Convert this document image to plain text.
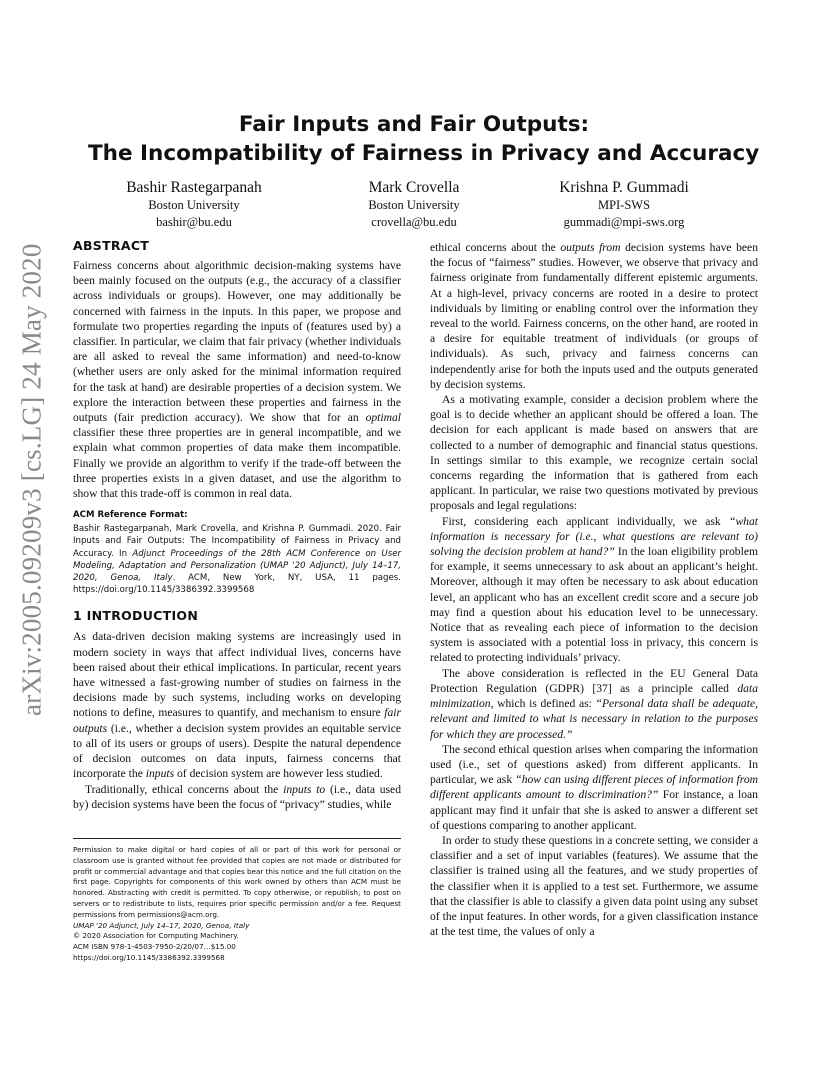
arXiv:2005.09209v3 [cs.LG] 24 May 2020
Fair Inputs and Fair Outputs:
The Incompatibility of Fairness in Privacy and Accuracy
Bashir Rastegarpanah
Boston University
bashir@bu.edu
Mark Crovella
Boston University
crovella@bu.edu
Krishna P. Gummadi
MPI-SWS
gummadi@mpi-sws.org
ABSTRACT

Fairness concerns about algorithmic decision-making systems have been mainly focused on the outputs (e.g., the accuracy of a classifier across individuals or groups). However, one may additionally be concerned with fairness in the inputs. In this paper, we propose and formulate two properties regarding the inputs of (features used by) a classifier. In particular, we claim that fair privacy (whether individuals are all asked to reveal the same information) and need-to-know (whether users are only asked for the minimal information required for the task at hand) are desirable properties of a decision system. We explore the interaction between these properties and fairness in the outputs (fair prediction accuracy). We show that for an optimal classifier these three properties are in general incompatible, and we explain what common properties of data make them incompatible. Finally we provide an algorithm to verify if the trade-off between the three properties exists in a given dataset, and use the algorithm to show that this trade-off is common in real data.

ACM Reference Format:
Bashir Rastegarpanah, Mark Crovella, and Krishna P. Gummadi. 2020. Fair Inputs and Fair Outputs: The Incompatibility of Fairness in Privacy and Accuracy. In Adjunct Proceedings of the 28th ACM Conference on User Modeling, Adaptation and Personalization (UMAP '20 Adjunct), July 14–17, 2020, Genoa, Italy. ACM, New York, NY, USA, 11 pages. https://doi.org/10.1145/3386392.3399568
1 INTRODUCTION

As data-driven decision making systems are increasingly used in modern society in ways that affect individual lives, concerns have been raised about their ethical implications. In particular, recent years have witnessed a fast-growing number of studies on fairness in the decisions made by such systems, including works on developing notions to define, measures to quantify, and mechanism to ensure fair outputs (i.e., whether a decision system provides an equitable service to all of its users or groups of users). Despite the natural dependence of decision outcomes on data inputs, fairness concerns that incorporate the inputs of decision system are however less studied.

Traditionally, ethical concerns about the inputs to (i.e., data used by) decision systems have been the focus of “privacy” studies, while

ethical concerns about the outputs from decision systems have been the focus of “fairness” studies. However, we observe that privacy and fairness originate from fundamentally different epistemic arguments. At a high-level, privacy concerns are rooted in a desire to protect individuals by limiting or enabling control over the information they reveal to the world. Fairness concerns, on the other hand, are rooted in a desire for equitable treatment of individuals (or groups of individuals). As such, privacy and fairness concerns can independently arise for both the inputs used and the outputs generated by decision systems.

As a motivating example, consider a decision problem where the goal is to decide whether an applicant should be offered a loan. The decision for each applicant is made based on answers that are collected to a number of demographic and financial status questions. In settings similar to this example, we recognize certain social concerns regarding the information that is gathered from each applicant. In particular, we raise two questions motivated by previous proposals and legal regulations:

First, considering each applicant individually, we ask “what information is necessary for (i.e., what questions are relevant to) solving the decision problem at hand?” In the loan eligibility problem for example, it seems unnecessary to ask about an applicant’s height. Moreover, although it may often be necessary to ask about education level, an applicant who has an excellent credit score and a secure job may find a question about his education level to be unnecessary. Notice that as revealing each piece of information to the decision system is associated with a potential loss in privacy, this concern is related to protecting individuals’ privacy.

The above consideration is reflected in the EU General Data Protection Regulation (GDPR) [37] as a principle called data minimization, which is defined as: “Personal data shall be adequate, relevant and limited to what is necessary in relation to the purposes for which they are processed.”

The second ethical question arises when comparing the information used (i.e., set of questions asked) from different applicants. In particular, we ask “how can using different pieces of information from different applicants amount to discrimination?” For instance, a loan applicant may find it unfair that she is asked to answer a different set of questions comparing to another applicant.

In order to study these questions in a concrete setting, we consider a classifier and a set of input variables (features). We assume that the classifier is trained using all the features, and we study properties of the classifier when it is applied to a test set. Furthermore, we assume that the classifier is able to classify a given data point using any subset of the input features. In other words, for a given classification instance at the test time, the values of only a

Permission to make digital or hard copies of all or part of this work for personal or classroom use is granted without fee provided that copies are not made or distributed for profit or commercial advantage and that copies bear this notice and the full citation on the first page. Copyrights for components of this work owned by others than ACM must be honored. Abstracting with credit is permitted. To copy otherwise, or republish, to post on servers or to redistribute to lists, requires prior specific permission and/or a fee. Request permissions from permissions@acm.org.

UMAP '20 Adjunct, July 14–17, 2020, Genoa, Italy
© 2020 Association for Computing Machinery.
ACM ISBN 978-1-4503-7950-2/20/07…$15.00
https://doi.org/10.1145/3386392.3399568
